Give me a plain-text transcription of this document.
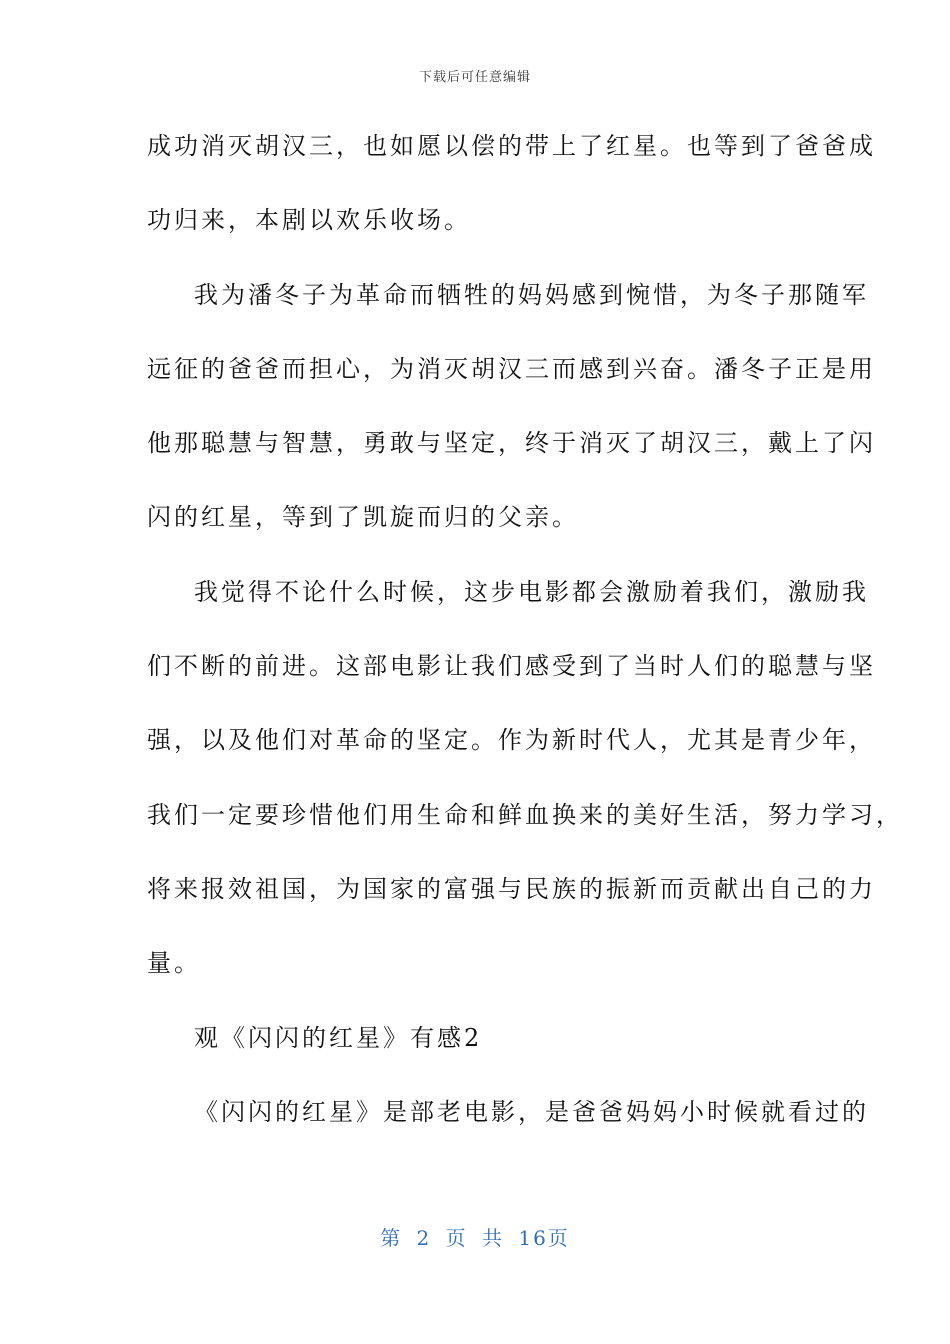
下载后可任意编辑
成功消灭胡汉三，也如愿以偿的带上了红星。也等到了爸爸成
功归来，本剧以欢乐收场。
我为潘冬子为革命而牺牲的妈妈感到惋惜，为冬子那随军
远征的爸爸而担心，为消灭胡汉三而感到兴奋。潘冬子正是用
他那聪慧与智慧，勇敢与坚定，终于消灭了胡汉三，戴上了闪
闪的红星，等到了凯旋而归的父亲。
我觉得不论什么时候，这步电影都会激励着我们，激励我
们不断的前进。这部电影让我们感受到了当时人们的聪慧与坚
强，以及他们对革命的坚定。作为新时代人，尤其是青少年，
我们一定要珍惜他们用生命和鲜血换来的美好生活，努力学习，
将来报效祖国，为国家的富强与民族的振新而贡献出自己的力
量。
观《闪闪的红星》有感2
《闪闪的红星》是部老电影，是爸爸妈妈小时候就看过的
第 2 页 共 16页
